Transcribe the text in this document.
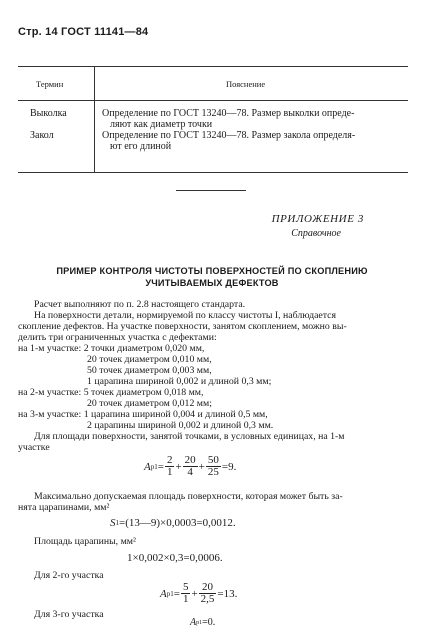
Стр. 14 ГОСТ 11141—84
Термин	Пояснение
Выколка	Определение по ГОСТ 13240—78. Размер выколки опреде-
ляют как диаметр точки
Закол	Определение по ГОСТ 13240—78. Размер закола определя-
ют его длиной
ПРИЛОЖЕНИЕ 3
Справочное
ПРИМЕР КОНТРОЛЯ ЧИСТОТЫ ПОВЕРХНОСТЕЙ ПО СКОПЛЕНИЮ
УЧИТЫВАЕМЫХ ДЕФЕКТОВ
Расчет выполняют по п. 2.8 настоящего стандарта.
На поверхности детали, нормируемой по классу чистоты I, наблюдается
скопление дефектов. На участке поверхности, занятом скоплением, можно вы-
делить три ограниченных участка с дефектами:
на 1-м участке: 2 точки диаметром 0,020 мм,
20 точек диаметром 0,010 мм,
50 точек диаметром 0,003 мм,
1 царапина шириной 0,002 и длиной 0,3 мм;
на 2-м участке: 5 точек диаметром 0,018 мм,
20 точек диаметром 0,012 мм;
на 3-м участке: 1 царапина шириной 0,004 и длиной 0,5 мм,
2 царапины шириной 0,002 и длиной 0,3 мм.
Для площади поверхности, занятой точками, в условных единицах, на 1-м
участке
A $p1 = \frac{2}{1} + \frac{20}{4} + \frac{50}{25} =9$.
Максимально допускаемая площадь поверхности, которая может быть за-
нята царапинами, мм²
S 1 =(13—9)×0,0003=0,0012.
Площадь царапины, мм²
1×0,002×0,3=0,0006.
Для 2-го участка
A $p1 = \frac{5}{1} + \frac{20}{2,5} =13$.
Для 3-го участка
A p1 =0.
